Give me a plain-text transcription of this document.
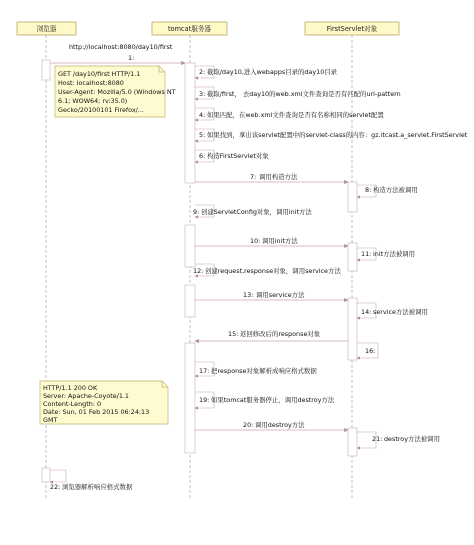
浏览器	tomcat服务器	FirstServlet对象
http://localhost:8080/day10/first
1:
GET /day10/first HTTP/1.1
Host: localhost:8080
User-Agent: Mozilla/5.0 (Windows NT
6.1; WOW64; rv:35.0)
Gecko/20100101 Firefox/...
2: 截取/day10,进入webapps目录的day10目录
3: 截取/first， 去day10的web.xml文件查询是否有匹配的url-pattern
4: 如果匹配，在web.xml文件查询是否有名称相同的servlet配置
5: 如果找到，拿出该servlet配置中的servlet-class的内容：gz.itcast.a_servlet.FirstServlet
6: 构造FirstServlet对象
7: 调用构造方法
8: 构造方法被调用
9: 创建ServletConfig对象，调用init方法
10: 调用init方法
11: init方法被调用
12: 创建request,response对象，调用service方法
13: 调用service方法
14: service方法被调用
15: 返回修改后的response对象
16:
17: 把response对象解析成响应格式数据
HTTP/1.1 200 OK
Server: Apache-Coyote/1.1
Content-Length: 0
Date: Sun, 01 Feb 2015 06:24:13
GMT
19: 如果tomcat服务器停止，调用destroy方法
20: 调用destroy方法
21: destroy方法被调用
22: 浏览器解析响应格式数据
